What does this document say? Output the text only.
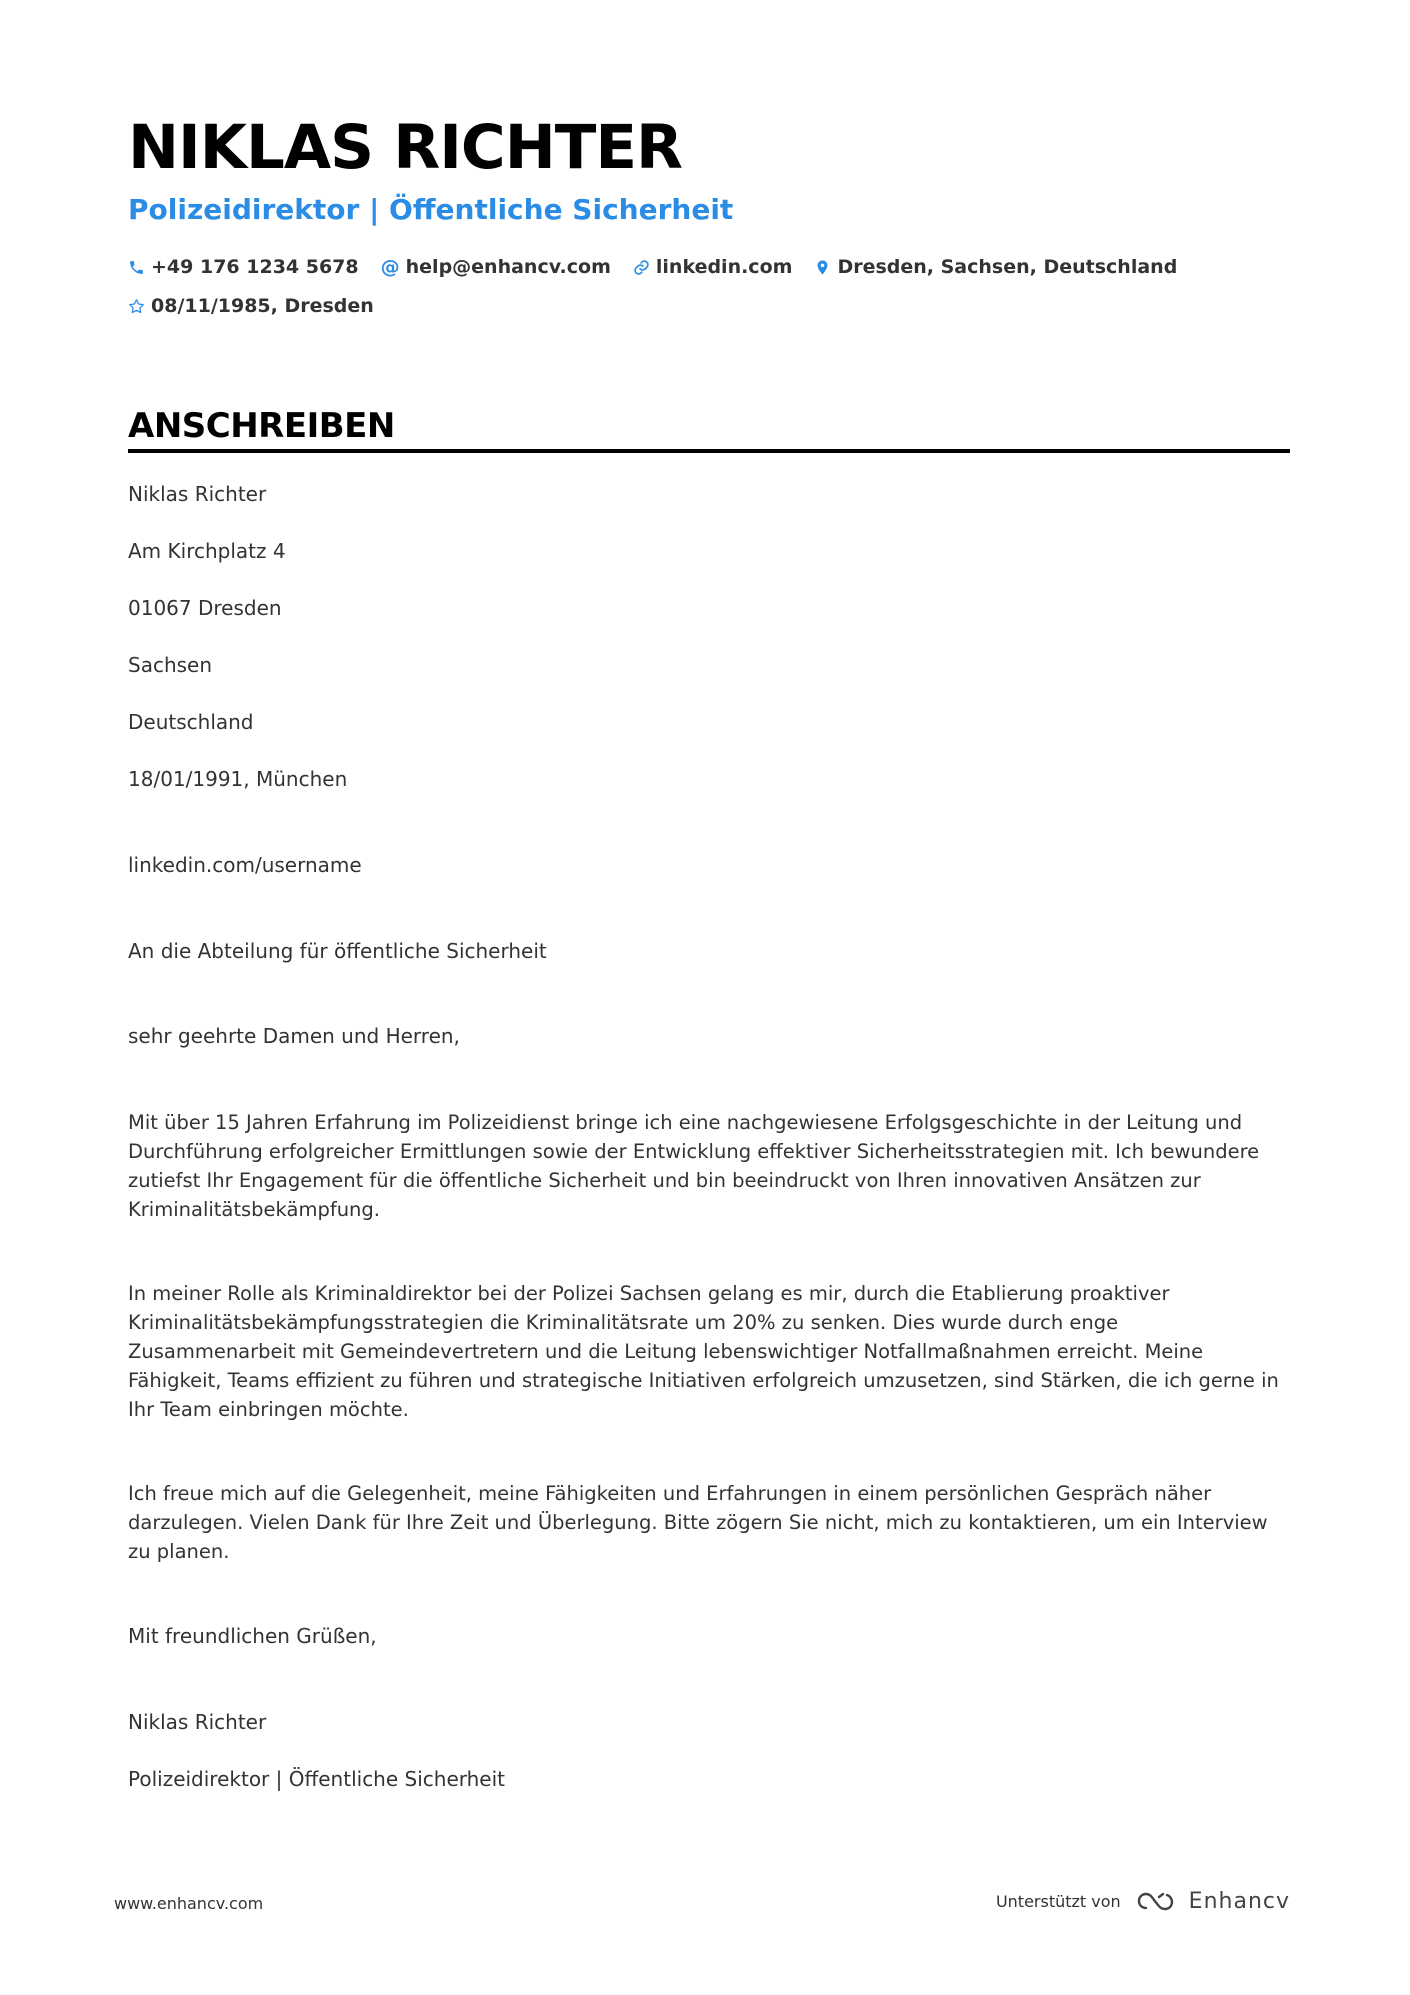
NIKLAS RICHTER
Polizeidirektor | Öffentliche Sicherheit
+49 176 1234 5678 @ help@enhancv.com linkedin.com Dresden, Sachsen, Deutschland
08/11/1985, Dresden
ANSCHREIBEN
Niklas Richter
Am Kirchplatz 4
01067 Dresden
Sachsen
Deutschland
18/01/1991, München
linkedin.com/username
An die Abteilung für öffentliche Sicherheit
sehr geehrte Damen und Herren,
Mit über 15 Jahren Erfahrung im Polizeidienst bringe ich eine nachgewiesene Erfolgsgeschichte in der Leitung und Durchführung erfolgreicher Ermittlungen sowie der Entwicklung effektiver Sicherheitsstrategien mit. Ich bewundere zutiefst Ihr Engagement für die öffentliche Sicherheit und bin beeindruckt von Ihren innovativen Ansätzen zur Kriminalitätsbekämpfung.
In meiner Rolle als Kriminaldirektor bei der Polizei Sachsen gelang es mir, durch die Etablierung proaktiver Kriminalitätsbekämpfungsstrategien die Kriminalitätsrate um 20% zu senken. Dies wurde durch enge Zusammenarbeit mit Gemeindevertretern und die Leitung lebenswichtiger Notfallmaßnahmen erreicht. Meine Fähigkeit, Teams effizient zu führen und strategische Initiativen erfolgreich umzusetzen, sind Stärken, die ich gerne in Ihr Team einbringen möchte.
Ich freue mich auf die Gelegenheit, meine Fähigkeiten und Erfahrungen in einem persönlichen Gespräch näher darzulegen. Vielen Dank für Ihre Zeit und Überlegung. Bitte zögern Sie nicht, mich zu kontaktieren, um ein Interview zu planen.
Mit freundlichen Grüßen,
Niklas Richter
Polizeidirektor | Öffentliche Sicherheit
www.enhancv.com	Unterstützt von	Enhancv
